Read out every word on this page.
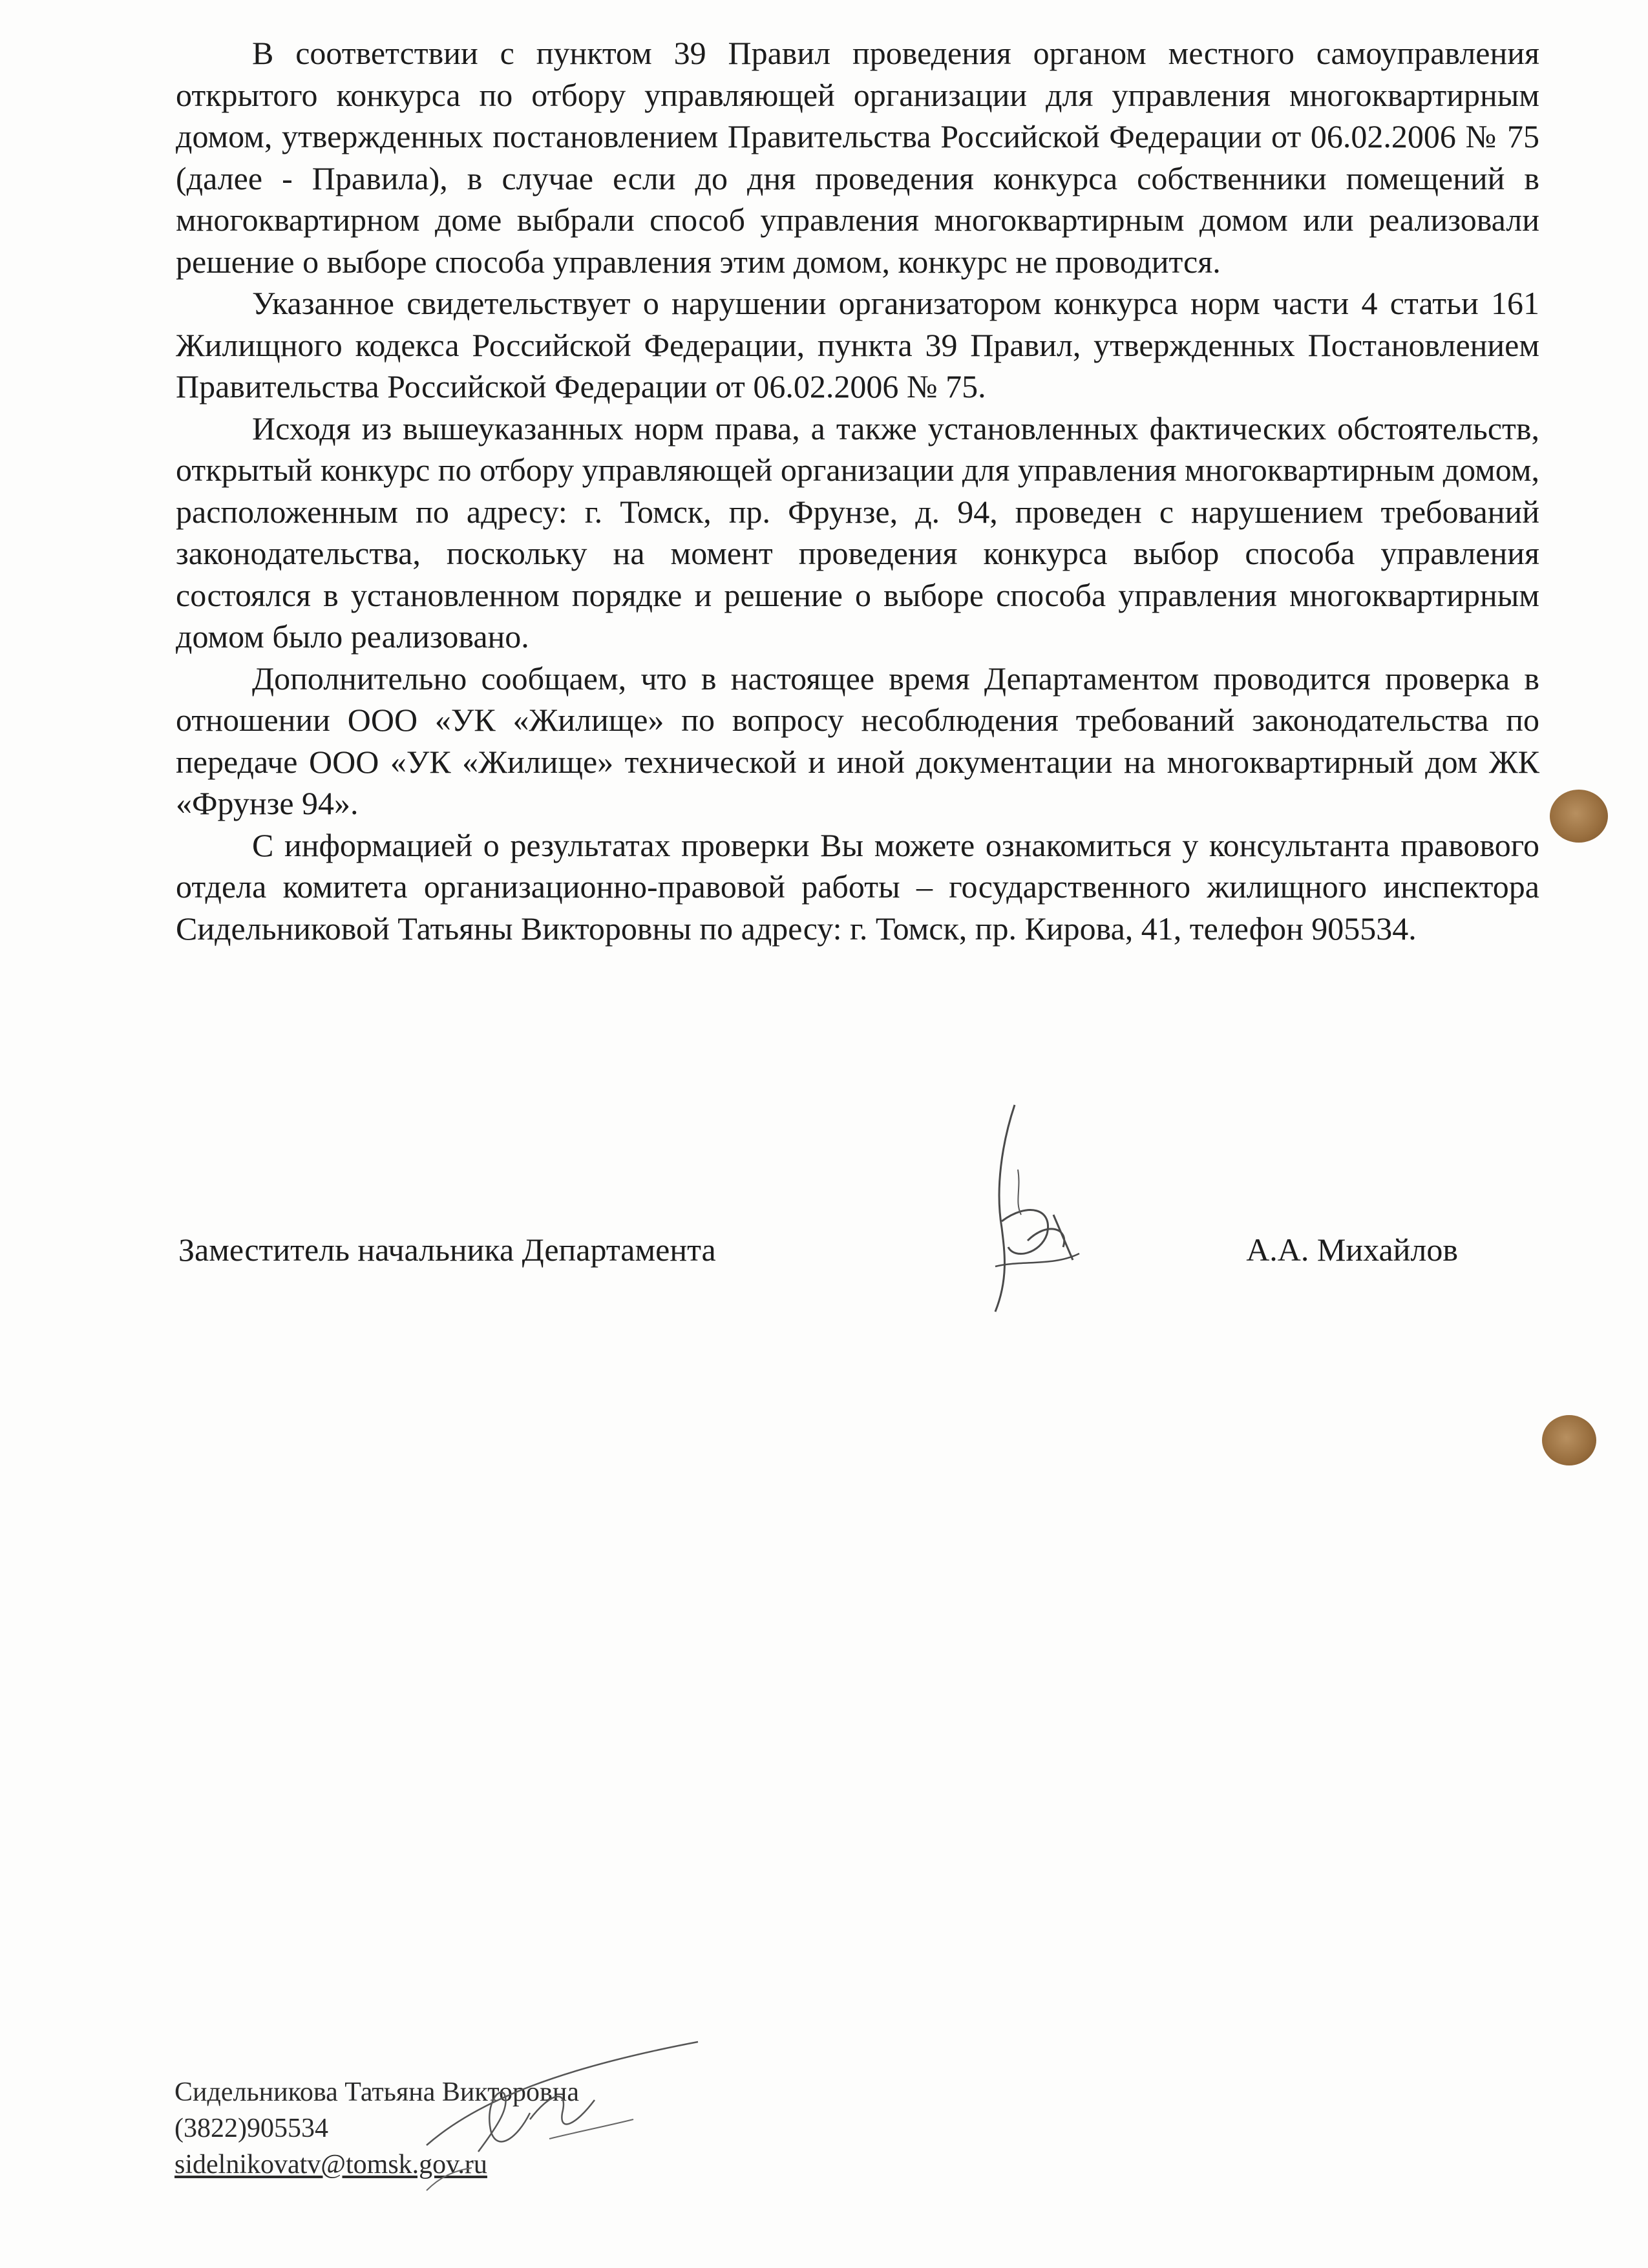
В соответствии с пунктом 39 Правил проведения органом местного самоуправления открытого конкурса по отбору управляющей организации для управления многоквартирным домом, утвержденных постановлением Правительства Российской Федерации от 06.02.2006 № 75 (далее - Правила), в случае если до дня проведения конкурса собственники помещений в многоквартирном доме выбрали способ управления многоквартирным домом или реализовали решение о выборе способа управления этим домом, конкурс не проводится.

Указанное свидетельствует о нарушении организатором конкурса норм части 4 статьи 161 Жилищного кодекса Российской Федерации, пункта 39 Правил, утвержденных Постановлением Правительства Российской Федерации от 06.02.2006 № 75.

Исходя из вышеуказанных норм права, а также установленных фактических обстоятельств, открытый конкурс по отбору управляющей организации для управления многоквартирным домом, расположенным по адресу: г. Томск, пр. Фрунзе, д. 94, проведен с нарушением требований законодательства, поскольку на момент проведения конкурса выбор способа управления состоялся в установленном порядке и решение о выборе способа управления многоквартирным домом было реализовано.

Дополнительно сообщаем, что в настоящее время Департаментом проводится проверка в отношении ООО «УК «Жилище» по вопросу несоблюдения требований законодательства по передаче ООО «УК «Жилище» технической и иной документации на многоквартирный дом ЖК «Фрунзе 94».

С информацией о результатах проверки Вы можете ознакомиться у консультанта правового отдела комитета организационно-правовой работы – государственного жилищного инспектора Сидельниковой Татьяны Викторовны по адресу: г. Томск, пр. Кирова, 41, телефон 905534.

Заместитель начальника Департамента	А.А. Михайлов
Сидельникова Татьяна Викторовна
(3822)905534
sidelnikovatv@tomsk.gov.ru
